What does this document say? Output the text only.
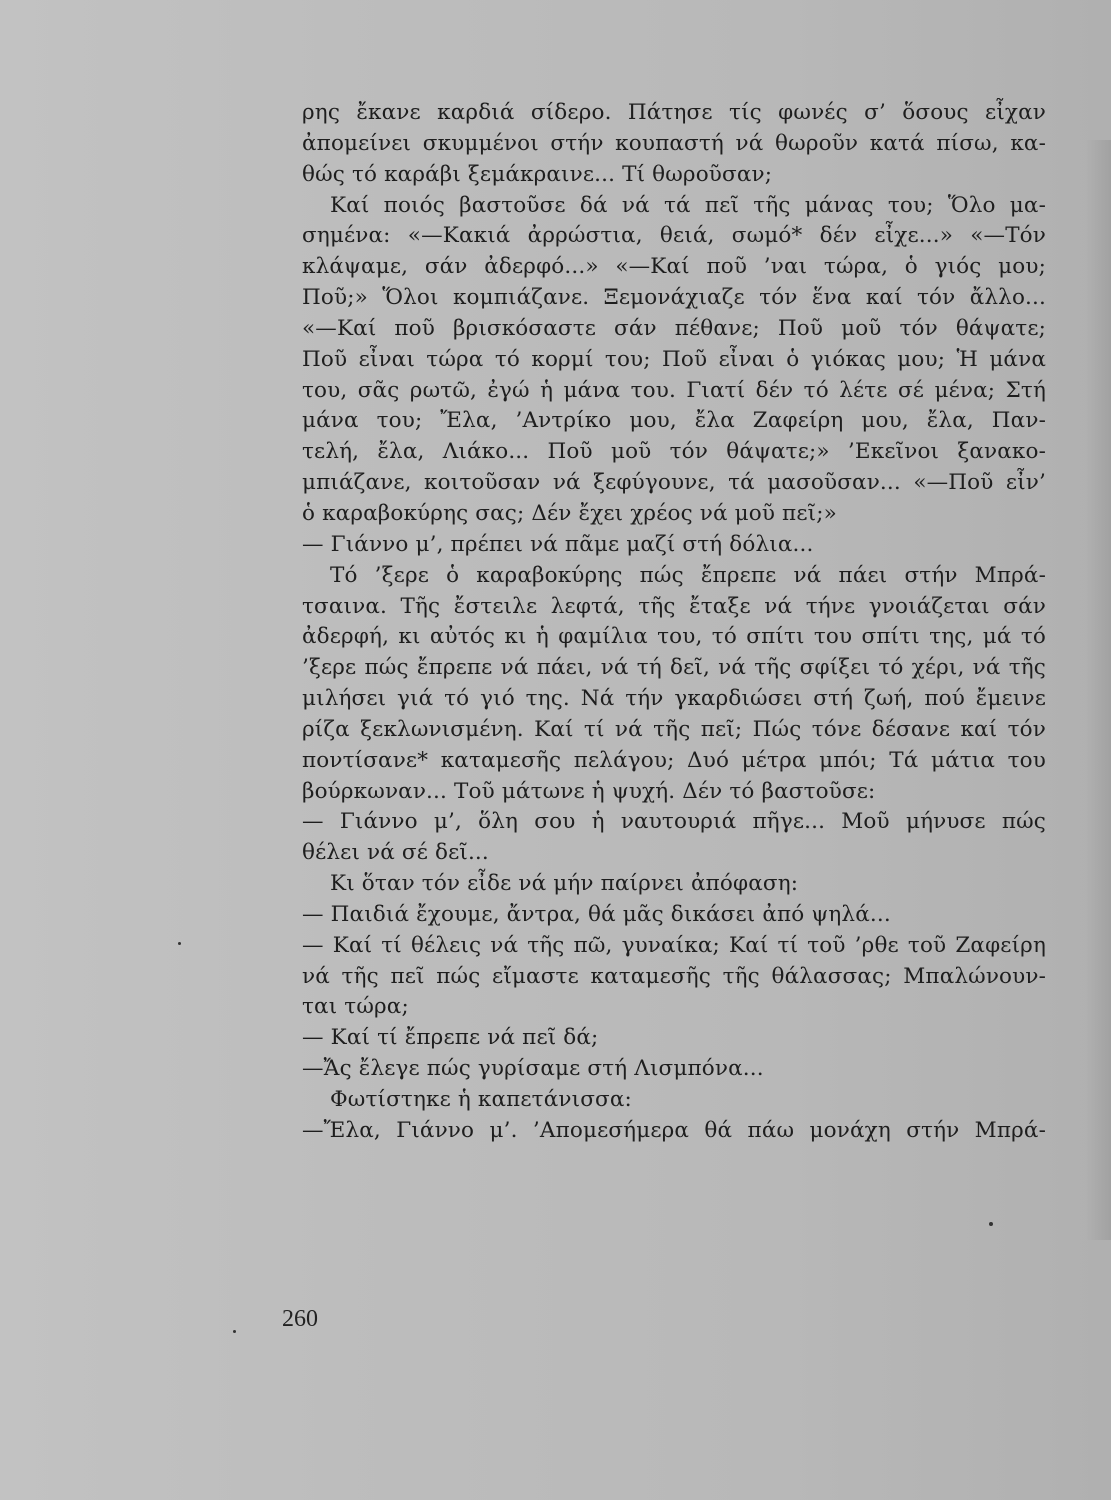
ρης ἔκανε καρδιά σίδερο. Πάτησε τίς φωνές σ’ ὅσους εἶχαν
ἀπομείνει σκυμμένοι στήν κουπαστή νά θωροῦν κατά πίσω, κα-
θώς τό καράβι ξεμάκραινε... Τί θωροῦσαν;
Καί ποιός βαστοῦσε δά νά τά πεῖ τῆς μάνας του; Ὅλο μα-
σημένα: «—Κακιά ἀρρώστια, θειά, σωμό* δέν εἶχε...» «—Τόν
κλάψαμε, σάν ἀδερφό...» «—Καί ποῦ ’ναι τώρα, ὁ γιός μου;
Ποῦ;» Ὅλοι κομπιάζανε. Ξεμονάχιαζε τόν ἕνα καί τόν ἄλλο...
«—Καί ποῦ βρισκόσαστε σάν πέθανε; Ποῦ μοῦ τόν θάψατε;
Ποῦ εἶναι τώρα τό κορμί του; Ποῦ εἶναι ὁ γιόκας μου; Ἡ μάνα
του, σᾶς ρωτῶ, ἐγώ ἡ μάνα του. Γιατί δέν τό λέτε σέ μένα; Στή
μάνα του; Ἔλα, ’Αντρίκο μου, ἔλα Ζαφείρη μου, ἔλα, Παν-
τελή, ἔλα, Λιάκο... Ποῦ μοῦ τόν θάψατε;» ’Εκεῖνοι ξανακο-
μπιάζανε, κοιτοῦσαν νά ξεφύγουνε, τά μασοῦσαν... «—Ποῦ εἶν’
ὁ καραβοκύρης σας; Δέν ἔχει χρέος νά μοῦ πεῖ;»
— Γιάννο μ’, πρέπει νά πᾶμε μαζί στή δόλια...
Τό ’ξερε ὁ καραβοκύρης πώς ἔπρεπε νά πάει στήν Μπρά-
τσαινα. Τῆς ἔστειλε λεφτά, τῆς ἔταξε νά τήνε γνοιάζεται σάν
ἀδερφή, κι αὐτός κι ἡ φαμίλια του, τό σπίτι του σπίτι της, μά τό
’ξερε πώς ἔπρεπε νά πάει, νά τή δεῖ, νά τῆς σφίξει τό χέρι, νά τῆς
μιλήσει γιά τό γιό της. Νά τήν γκαρδιώσει στή ζωή, πού ἔμεινε
ρίζα ξεκλωνισμένη. Καί τί νά τῆς πεῖ; Πώς τόνε δέσανε καί τόν
ποντίσανε* καταμεσῆς πελάγου; Δυό μέτρα μπόι; Τά μάτια του
βούρκωναν... Τοῦ μάτωνε ἡ ψυχή. Δέν τό βαστοῦσε:
— Γιάννο μ’, ὅλη σου ἡ ναυτουριά πῆγε... Μοῦ μήνυσε πώς
θέλει νά σέ δεῖ...
Κι ὅταν τόν εἶδε νά μήν παίρνει ἀπόφαση:
— Παιδιά ἔχουμε, ἄντρα, θά μᾶς δικάσει ἀπό ψηλά...
— Καί τί θέλεις νά τῆς πῶ, γυναίκα; Καί τί τοῦ ’ρθε τοῦ Ζαφείρη
νά τῆς πεῖ πώς εἴμαστε καταμεσῆς τῆς θάλασσας; Μπαλώνουν-
ται τώρα;
— Καί τί ἔπρεπε νά πεῖ δά;
—Ἄς ἔλεγε πώς γυρίσαμε στή Λισμπόνα...
Φωτίστηκε ἡ καπετάνισσα:
—Ἔλα, Γιάννο μ’. ’Απομεσήμερα θά πάω μονάχη στήν Μπρά-
260
